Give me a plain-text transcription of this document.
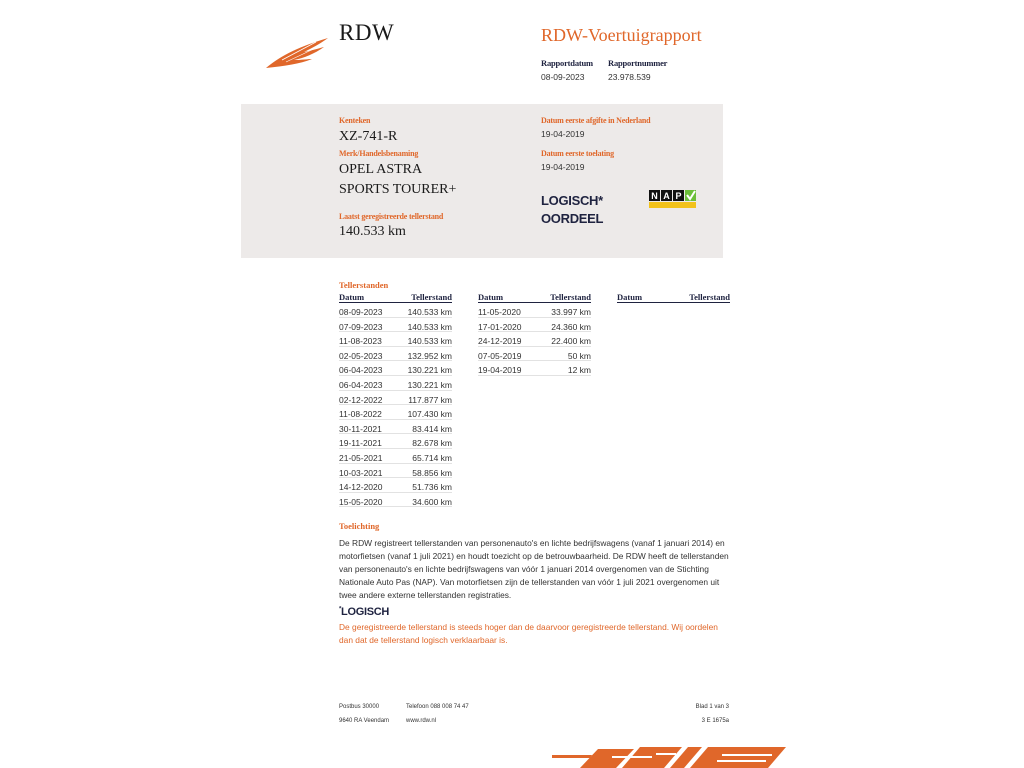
RDW	RDW-Voertuigrapport
Rapportdatum
08-09-2023
Rapportnummer
23.978.539
Kenteken
XZ-741-R
Merk/Handelsbenaming
OPEL ASTRA
SPORTS TOURER+
Laatst geregistreerde tellerstand
140.533 km
Datum eerste afgifte in Nederland
19-04-2019
Datum eerste toelating
19-04-2019
LOGISCH*
OORDEEL
N A P
Tellerstanden
Datum	Tellerstand
08-09-2023	140.533 km
07-09-2023	140.533 km
11-08-2023	140.533 km
02-05-2023	132.952 km
06-04-2023	130.221 km
06-04-2023	130.221 km
02-12-2022	117.877 km
11-08-2022	107.430 km
30-11-2021	83.414 km
19-11-2021	82.678 km
21-05-2021	65.714 km
10-03-2021	58.856 km
14-12-2020	51.736 km
15-05-2020	34.600 km
Datum	Tellerstand
11-05-2020	33.997 km
17-01-2020	24.360 km
24-12-2019	22.400 km
07-05-2019	50 km
19-04-2019	12 km
Datum	Tellerstand
Toelichting
De RDW registreert tellerstanden van personenauto's en lichte bedrijfswagens (vanaf 1 januari 2014) en motorfietsen (vanaf 1 juli 2021) en houdt toezicht op de betrouwbaarheid. De RDW heeft de tellerstanden van personenauto's en lichte bedrijfswagens van vóór 1 januari 2014 overgenomen van de Stichting Nationale Auto Pas (NAP). Van motorfietsen zijn de tellerstanden van vóór 1 juli 2021 overgenomen uit twee andere externe tellerstanden registraties.
*LOGISCH
De geregistreerde tellerstand is steeds hoger dan de daarvoor geregistreerde tellerstand. Wij oordelen dan dat de tellerstand logisch verklaarbaar is.
Postbus 30000
9640 RA Veendam
Telefoon 088 008 74 47
www.rdw.nl
Blad 1 van 3
3 E 1675a
